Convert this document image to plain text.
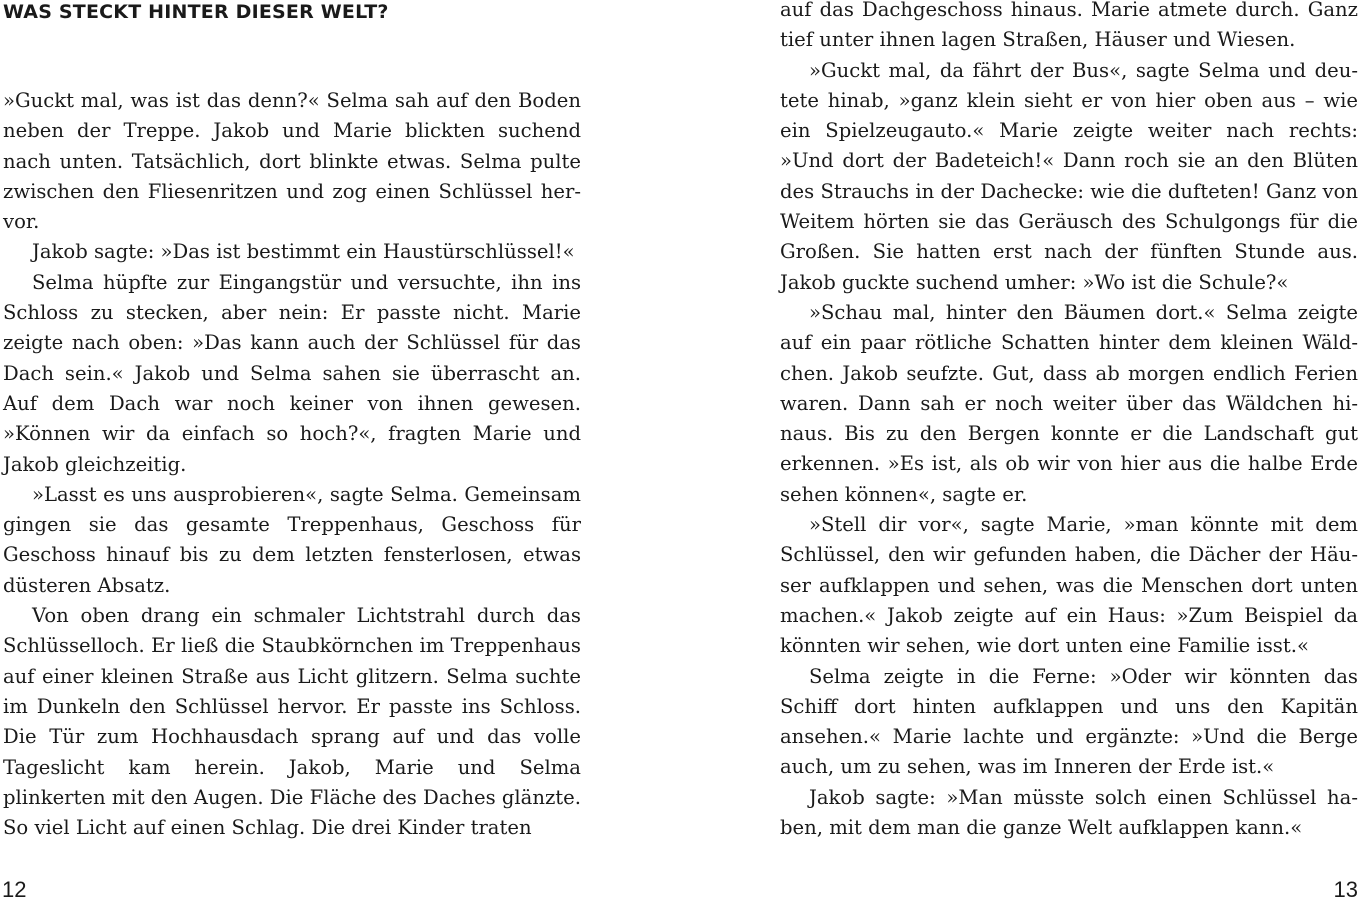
WAS STECKT HINTER DIESER WELT?

»Guckt mal, was ist das denn?« Selma sah auf den Boden neben der Treppe. Jakob und Marie blickten suchend nach unten. Tatsächlich, dort blinkte etwas. Selma pulte zwischen den Fliesenritzen und zog einen Schlüssel hervor.

Jakob sagte: »Das ist bestimmt ein Haustürschlüssel!«

Selma hüpfte zur Eingangstür und versuchte, ihn ins Schloss zu stecken, aber nein: Er passte nicht. Marie zeigte nach oben: »Das kann auch der Schlüssel für das Dach sein.« Jakob und Selma sahen sie überrascht an. Auf dem Dach war noch keiner von ihnen gewesen. »Können wir da einfach so hoch?«, fragten Marie und Jakob gleichzeitig.

»Lasst es uns ausprobieren«, sagte Selma. Gemeinsam gingen sie das gesamte Treppenhaus, Geschoss für Geschoss hinauf bis zu dem letzten fensterlosen, etwas düsteren Absatz.

Von oben drang ein schmaler Lichtstrahl durch das Schlüsselloch. Er ließ die Staubkörnchen im Treppenhaus auf einer kleinen Straße aus Licht glitzern. Selma suchte im Dunkeln den Schlüssel hervor. Er passte ins Schloss. Die Tür zum Hochhausdach sprang auf und das volle Tageslicht kam herein. Jakob, Marie und Selma plinkerten mit den Augen. Die Fläche des Daches glänzte. So viel Licht auf einen Schlag. Die drei Kinder traten

auf das Dachgeschoss hinaus. Marie atmete durch. Ganz tief unter ihnen lagen Straßen, Häuser und Wiesen.

»Guckt mal, da fährt der Bus«, sagte Selma und deutete hinab, »ganz klein sieht er von hier oben aus – wie ein Spielzeugauto.« Marie zeigte weiter nach rechts: »Und dort der Badeteich!« Dann roch sie an den Blüten des Strauchs in der Dachecke: wie die dufteten! Ganz von Weitem hörten sie das Geräusch des Schulgongs für die Großen. Sie hatten erst nach der fünften Stunde aus. Jakob guckte suchend umher: »Wo ist die Schule?«

»Schau mal, hinter den Bäumen dort.« Selma zeigte auf ein paar rötliche Schatten hinter dem kleinen Wäldchen. Jakob seufzte. Gut, dass ab morgen endlich Ferien waren. Dann sah er noch weiter über das Wäldchen hinaus. Bis zu den Bergen konnte er die Landschaft gut erkennen. »Es ist, als ob wir von hier aus die halbe Erde sehen können«, sagte er.

»Stell dir vor«, sagte Marie, »man könnte mit dem Schlüssel, den wir gefunden haben, die Dächer der Häuser aufklappen und sehen, was die Menschen dort unten machen.« Jakob zeigte auf ein Haus: »Zum Beispiel da könnten wir sehen, wie dort unten eine Familie isst.«

Selma zeigte in die Ferne: »Oder wir könnten das Schiff dort hinten aufklappen und uns den Kapitän ansehen.« Marie lachte und ergänzte: »Und die Berge auch, um zu sehen, was im Inneren der Erde ist.«

Jakob sagte: »Man müsste solch einen Schlüssel haben, mit dem man die ganze Welt aufklappen kann.«

12	13
